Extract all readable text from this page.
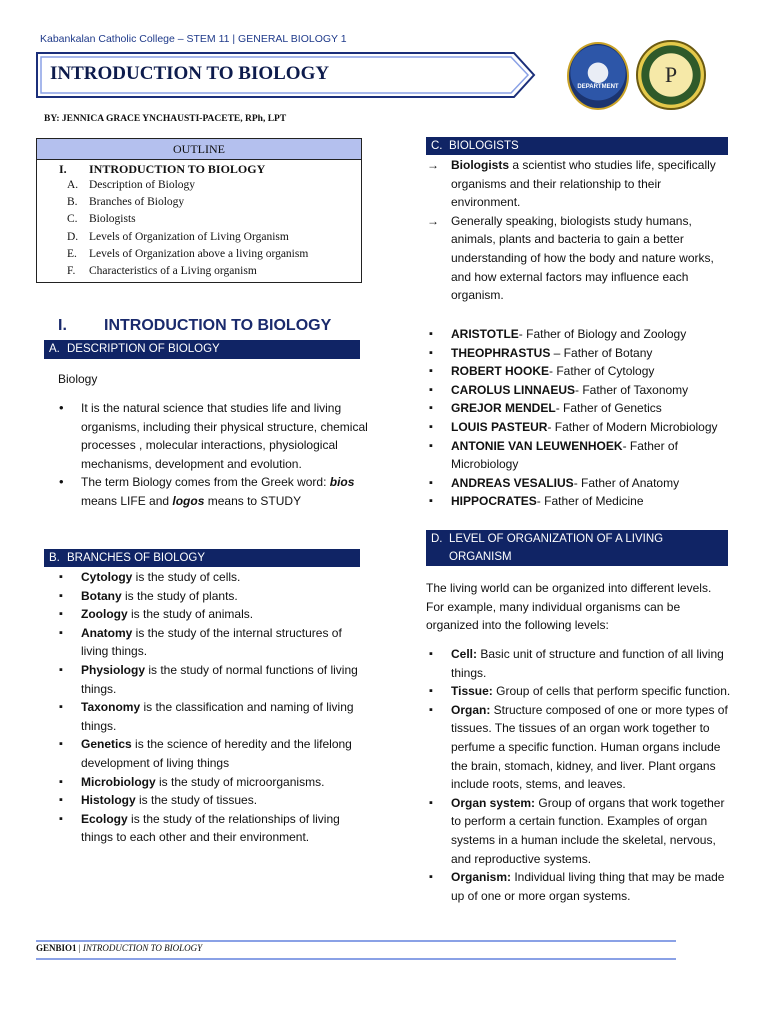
Kabankalan Catholic College – STEM 11 | GENERAL BIOLOGY 1
INTRODUCTION TO BIOLOGY
DEPARTMENT	P
BY: JENNICA GRACE YNCHAUSTI-PACETE, RPh, LPT
OUTLINE
I. INTRODUCTION TO BIOLOGY
A. Description of Biology
B. Branches of Biology
C. Biologists
D. Levels of Organization of Living Organism
E. Levels of Organization above a living organism
F. Characteristics of a Living organism
I. INTRODUCTION TO BIOLOGY
A. DESCRIPTION OF BIOLOGY
Biology
• It is the natural science that studies life and living organisms, including their physical structure, chemical processes , molecular interactions, physiological mechanisms, development and evolution.
• The term Biology comes from the Greek word: bios means LIFE and logos means to STUDY
B. BRANCHES OF BIOLOGY
▪ Cytology is the study of cells.
▪ Botany is the study of plants.
▪ Zoology is the study of animals.
▪ Anatomy is the study of the internal structures of living things.
▪ Physiology is the study of normal functions of living things.
▪ Taxonomy is the classification and naming of living things.
▪ Genetics is the science of heredity and the lifelong development of living things
▪ Microbiology is the study of microorganisms.
▪ Histology is the study of tissues.
▪ Ecology is the study of the relationships of living things to each other and their environment.
C. BIOLOGISTS
→ Biologists a scientist who studies life, specifically organisms and their relationship to their environment.
→ Generally speaking, biologists study humans, animals, plants and bacteria to gain a better understanding of how the body and nature works, and how external factors may influence each organism.
▪ ARISTOTLE- Father of Biology and Zoology
▪ THEOPHRASTUS – Father of Botany
▪ ROBERT HOOKE- Father of Cytology
▪ CAROLUS LINNAEUS- Father of Taxonomy
▪ GREJOR MENDEL- Father of Genetics
▪ LOUIS PASTEUR- Father of Modern Microbiology
▪ ANTONIE VAN LEUWENHOEK- Father of Microbiology
▪ ANDREAS VESALIUS- Father of Anatomy
▪ HIPPOCRATES- Father of Medicine
D. LEVEL OF ORGANIZATION OF A LIVING ORGANISM
The living world can be organized into different levels. For example, many individual organisms can be organized into the following levels:
▪ Cell: Basic unit of structure and function of all living things.
▪ Tissue: Group of cells that perform specific function.
▪ Organ: Structure composed of one or more types of tissues. The tissues of an organ work together to perfume a specific function. Human organs include the brain, stomach, kidney, and liver. Plant organs include roots, stems, and leaves.
▪ Organ system: Group of organs that work together to perform a certain function. Examples of organ systems in a human include the skeletal, nervous, and reproductive systems.
▪ Organism: Individual living thing that may be made up of one or more organ systems.
GENBIO1 | INTRODUCTION TO BIOLOGY
